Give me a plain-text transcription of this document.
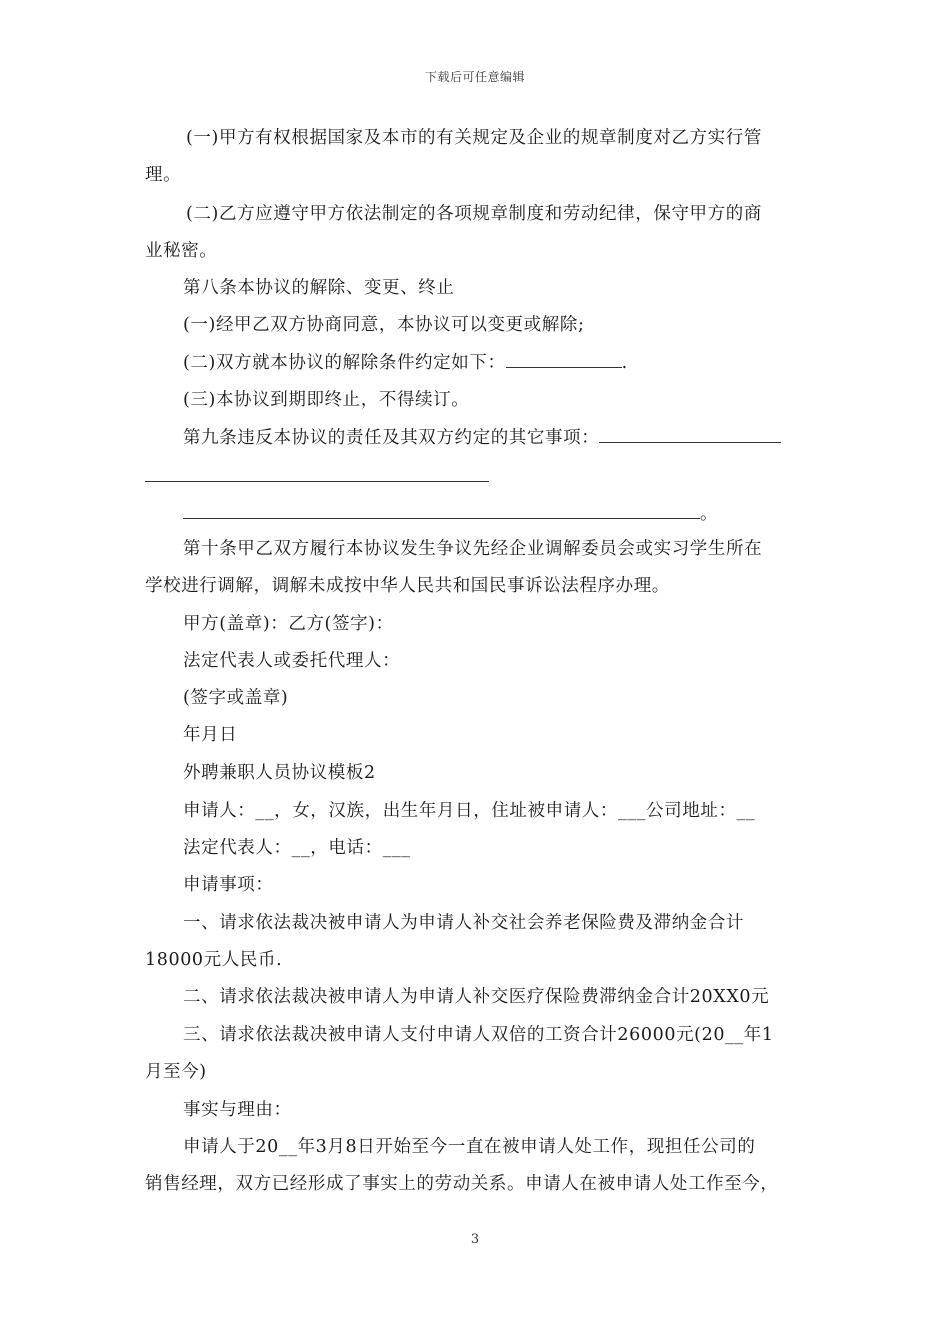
下载后可任意编辑
(一)甲方有权根据国家及本市的有关规定及企业的规章制度对乙方实行管
理。
(二)乙方应遵守甲方依法制定的各项规章制度和劳动纪律，保守甲方的商
业秘密。
第八条本协议的解除、变更、终止
(一)经甲乙双方协商同意，本协议可以变更或解除;
(二)双方就本协议的解除条件约定如下：	.
(三)本协议到期即终止，不得续订。
第九条违反本协议的责任及其双方约定的其它事项：
。
第十条甲乙双方履行本协议发生争议先经企业调解委员会或实习学生所在
学校进行调解，调解未成按中华人民共和国民事诉讼法程序办理。
甲方(盖章)：乙方(签字)：
法定代表人或委托代理人：
(签字或盖章)
年月日
外聘兼职人员协议模板2
申请人：__，女，汉族，出生年月日，住址被申请人：___公司地址：__
法定代表人：__，电话：___
申请事项：
一、请求依法裁决被申请人为申请人补交社会养老保险费及滞纳金合计
18000元人民币.
二、请求依法裁决被申请人为申请人补交医疗保险费滞纳金合计20XX0元
三、请求依法裁决被申请人支付申请人双倍的工资合计26000元(20__年1
月至今)
事实与理由：
申请人于20__年3月8日开始至今一直在被申请人处工作，现担任公司的
销售经理，双方已经形成了事实上的劳动关系。申请人在被申请人处工作至今，
3
